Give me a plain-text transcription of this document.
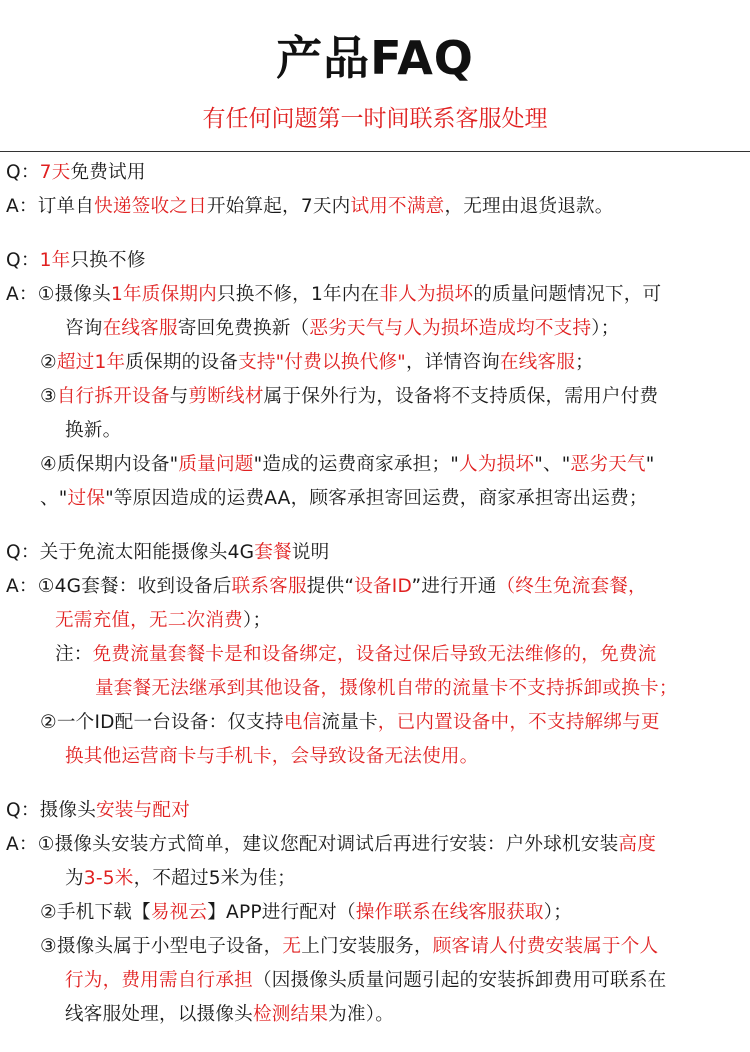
产品FAQ
有任何问题第一时间联系客服处理
Q：7天免费试用
A：订单自快递签收之日开始算起，7天内试用不满意，无理由退货退款。
Q：1年只换不修
A：①摄像头1年质保期内只换不修，1年内在非人为损坏的质量问题情况下，可
咨询在线客服寄回免费换新（恶劣天气与人为损坏造成均不支持）；
②超过1年质保期的设备支持"付费以换代修"，详情咨询在线客服；
③自行拆开设备与剪断线材属于保外行为，设备将不支持质保，需用户付费
换新。
④质保期内设备"质量问题"造成的运费商家承担；"人为损坏"、"恶劣天气"
、"过保"等原因造成的运费AA，顾客承担寄回运费，商家承担寄出运费；
Q：关于免流太阳能摄像头4G套餐说明
A：①4G套餐：收到设备后联系客服提供“设备ID”进行开通（终生免流套餐，
无需充值，无二次消费）；
注：免费流量套餐卡是和设备绑定，设备过保后导致无法维修的，免费流
量套餐无法继承到其他设备，摄像机自带的流量卡不支持拆卸或换卡；
②一个ID配一台设备：仅支持电信流量卡，已内置设备中，不支持解绑与更
换其他运营商卡与手机卡，会导致设备无法使用。
Q：摄像头安装与配对
A：①摄像头安装方式简单，建议您配对调试后再进行安装：户外球机安装高度
为3-5米，不超过5米为佳；
②手机下载【易视云】APP进行配对（操作联系在线客服获取）；
③摄像头属于小型电子设备，无上门安装服务，顾客请人付费安装属于个人
行为，费用需自行承担（因摄像头质量问题引起的安装拆卸费用可联系在
线客服处理，以摄像头检测结果为准）。
